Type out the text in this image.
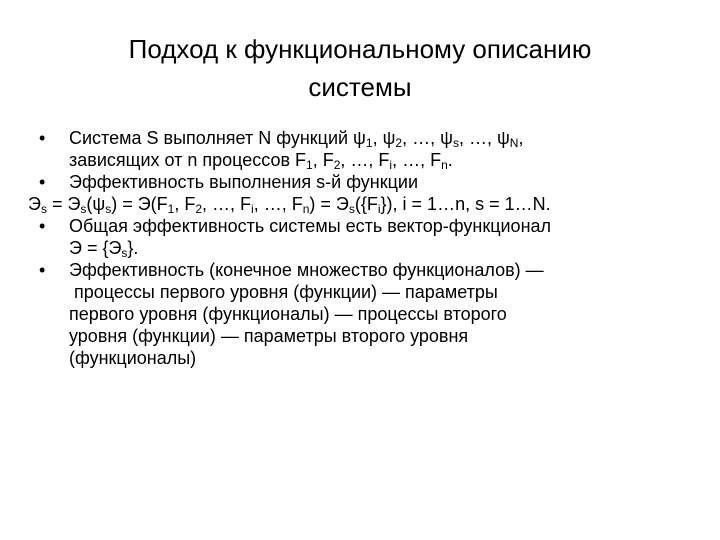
Подход к функциональному описанию
системы
• Система S выполняет N функций $\psi_1$, $\psi_2$, …, $\psi_s$, …, $\psi_N$,
зависящих от n процессов $F_1$, $F_2$, …, $F_i$, …, $F_n$.
• Эффективность выполнения s-й функции
$Э_s = Э_s(\psi_s) = Э(F_1$, $F_2$, …, $F_i$, …, $F_n) = Э_s(\{F_i\})$, i = 1…n, s = 1…N.
• Общая эффективность системы есть вектор-функционал
$Э = \{Э_s\}$.
• Эффективность (конечное множество функционалов) —
процессы первого уровня (функции) — параметры
первого уровня (функционалы) — процессы второго
уровня (функции) — параметры второго уровня
(функционалы)
